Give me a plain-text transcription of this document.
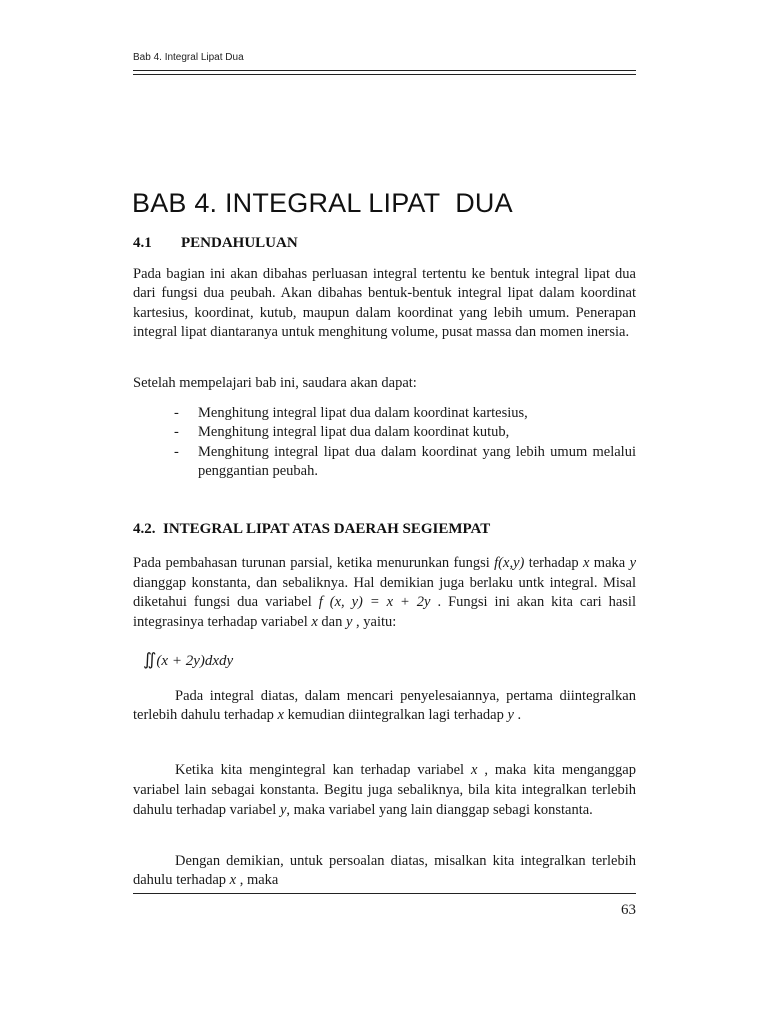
Bab 4. Integral Lipat Dua
BAB 4. INTEGRAL LIPAT  DUA
4.1 PENDAHULUAN

Pada bagian ini akan dibahas perluasan integral tertentu ke bentuk integral lipat dua dari fungsi dua peubah. Akan dibahas bentuk-bentuk integral lipat dalam koordinat kartesius, koordinat, kutub, maupun dalam koordinat yang lebih umum. Penerapan integral lipat diantaranya untuk menghitung volume, pusat massa dan momen inersia.

Setelah mempelajari bab ini, saudara akan dapat:

- Menghitung integral lipat dua dalam koordinat kartesius,
- Menghitung integral lipat dua dalam koordinat kutub,
- Menghitung integral lipat dua dalam koordinat yang lebih umum melalui penggantian peubah.
4.2.  INTEGRAL LIPAT ATAS DAERAH SEGIEMPAT

Pada pembahasan turunan parsial, ketika menurunkan fungsi f(x,y) terhadap x maka y dianggap konstanta, dan sebaliknya. Hal demikian juga berlaku untk integral. Misal diketahui fungsi dua variabel f (x, y) = x + 2y . Fungsi ini akan kita cari hasil integrasinya terhadap variabel x dan y , yaitu:

∬(x + 2y)dxdy

Pada integral diatas, dalam mencari penyelesaiannya, pertama diintegralkan terlebih dahulu terhadap x kemudian diintegralkan lagi terhadap y .

Ketika kita mengintegral kan terhadap variabel x , maka kita menganggap variabel lain sebagai konstanta. Begitu juga sebaliknya, bila kita integralkan terlebih dahulu terhadap variabel y, maka variabel yang lain dianggap sebagi konstanta.

Dengan demikian, untuk persoalan diatas, misalkan kita integralkan terlebih dahulu terhadap x , maka

63
